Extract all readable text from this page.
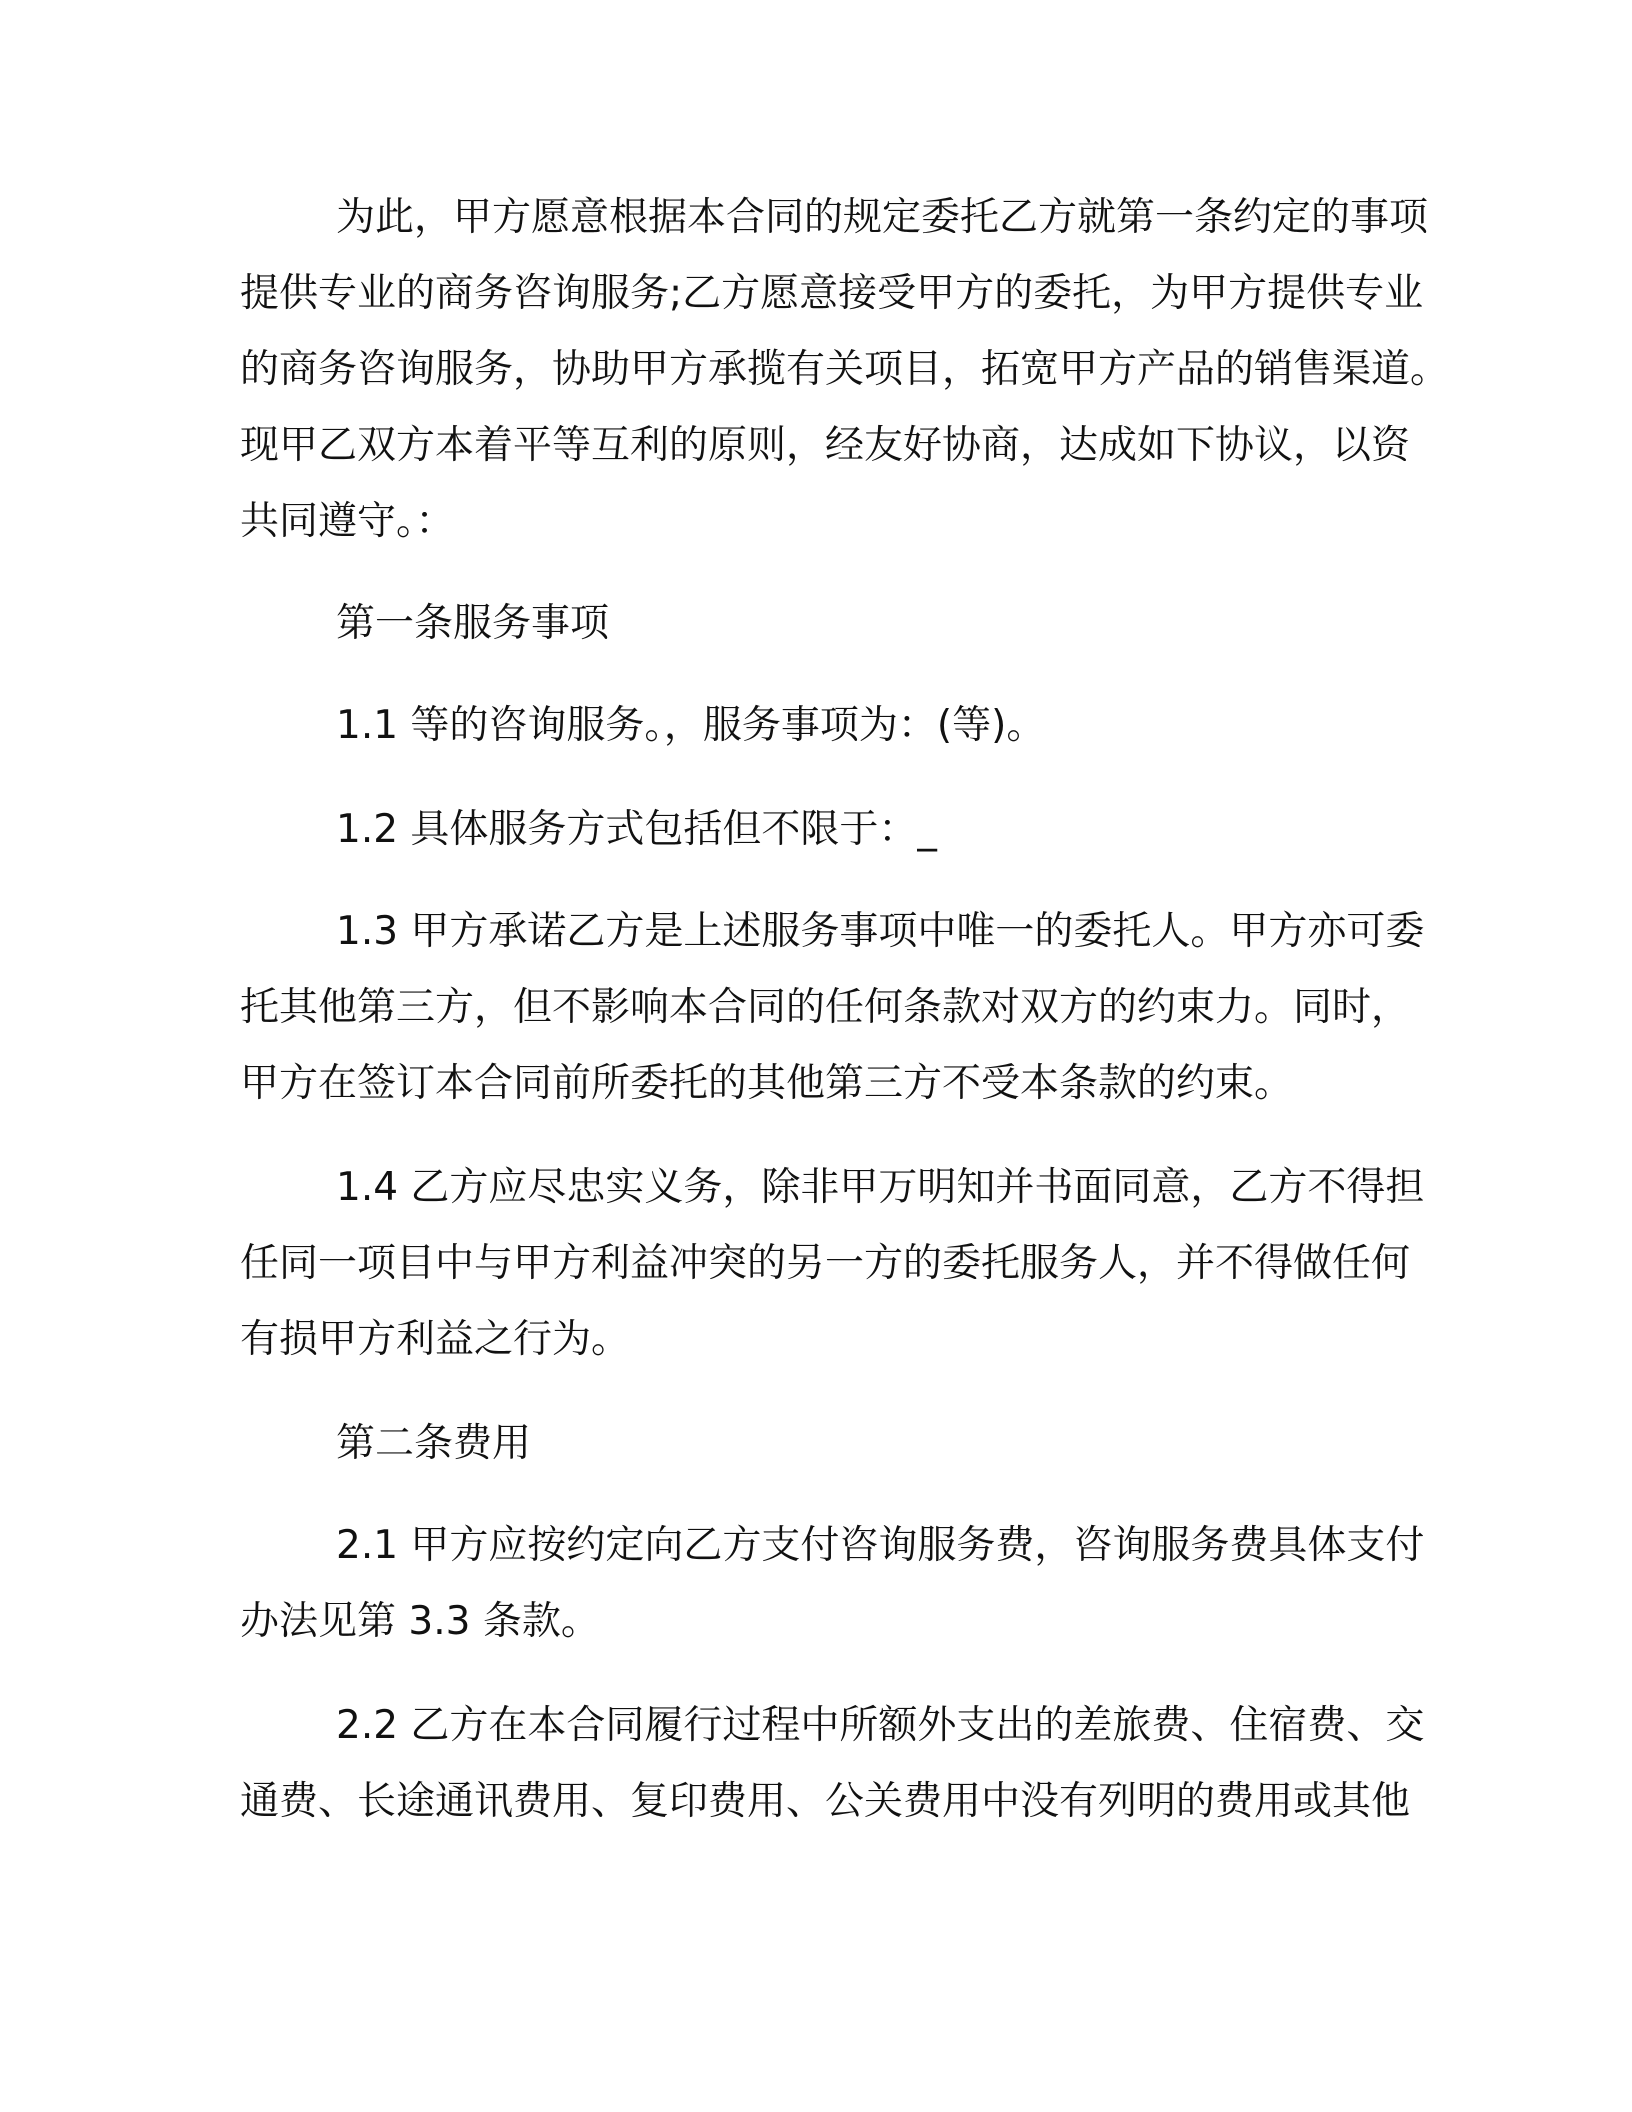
为此，甲方愿意根据本合同的规定委托乙方就第一条约定的事项
提供专业的商务咨询服务;乙方愿意接受甲方的委托，为甲方提供专业
的商务咨询服务，协助甲方承揽有关项目，拓宽甲方产品的销售渠道。
现甲乙双方本着平等互利的原则，经友好协商，达成如下协议，以资
共同遵守。：
第一条服务事项
1.1 等的咨询服务。，服务事项为：(等)。
1.2 具体服务方式包括但不限于：_
1.3 甲方承诺乙方是上述服务事项中唯一的委托人。甲方亦可委
托其他第三方，但不影响本合同的任何条款对双方的约束力。同时，
甲方在签订本合同前所委托的其他第三方不受本条款的约束。
1.4 乙方应尽忠实义务，除非甲万明知并书面同意，乙方不得担
任同一项目中与甲方利益冲突的另一方的委托服务人，并不得做任何
有损甲方利益之行为。
第二条费用
2.1 甲方应按约定向乙方支付咨询服务费，咨询服务费具体支付
办法见第 3.3 条款。
2.2 乙方在本合同履行过程中所额外支出的差旅费、住宿费、交
通费、长途通讯费用、复印费用、公关费用中没有列明的费用或其他
